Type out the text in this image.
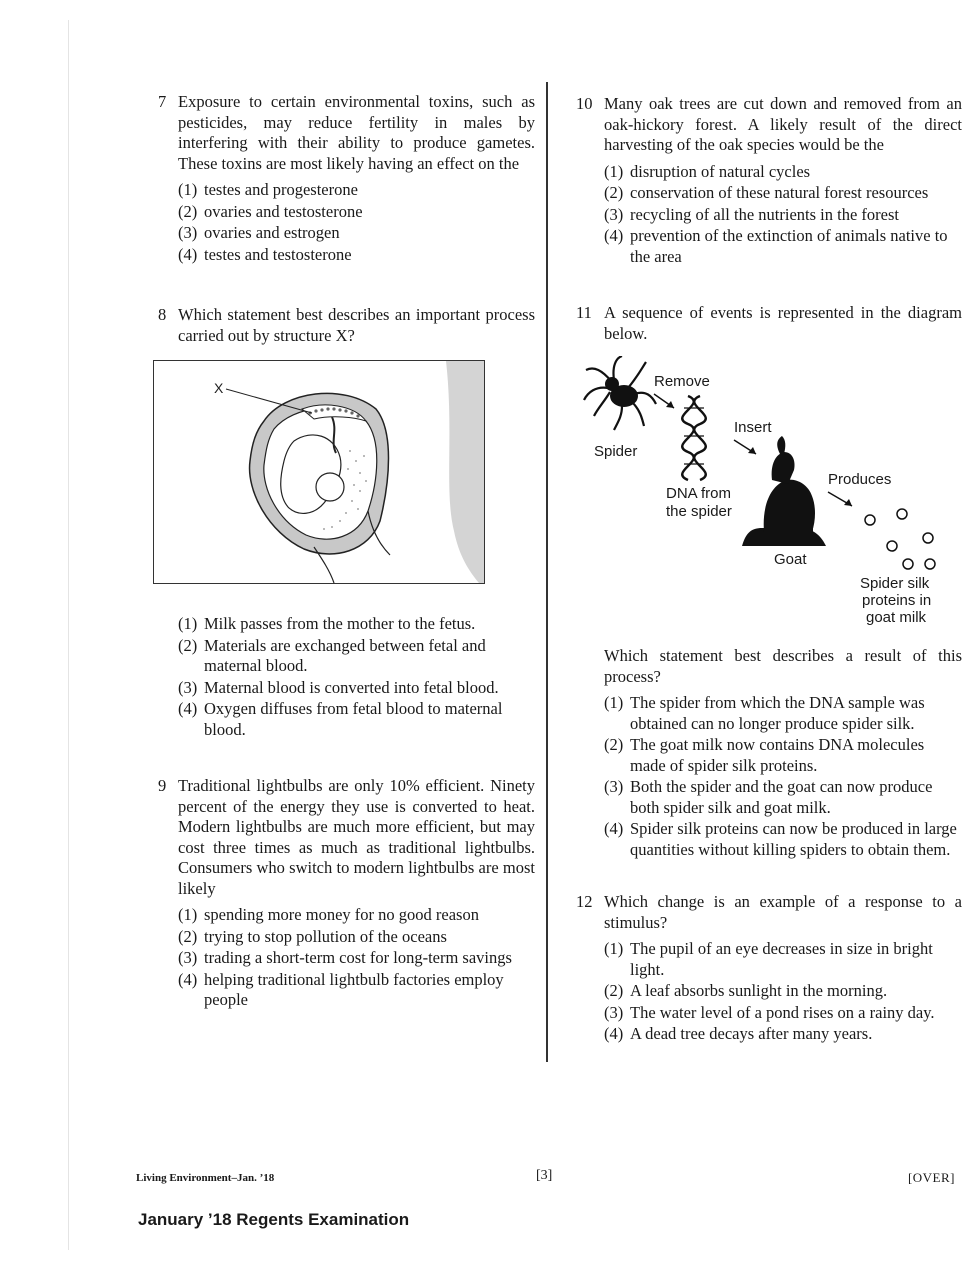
7 Exposure to certain environmental toxins, such as pesticides, may reduce fertility in males by interfering with their ability to produce gametes. These toxins are most likely having an effect on the
(1) testes and progesterone
(2) ovaries and testosterone
(3) ovaries and estrogen
(4) testes and testosterone
8 Which statement best describes an important process carried out by structure X?
X
(1) Milk passes from the mother to the fetus.
(2) Materials are exchanged between fetal and maternal blood.
(3) Maternal blood is converted into fetal blood.
(4) Oxygen diffuses from fetal blood to maternal blood.
9 Traditional lightbulbs are only 10% efficient. Ninety percent of the energy they use is converted to heat. Modern lightbulbs are much more efficient, but may cost three times as much as traditional lightbulbs. Consumers who switch to modern lightbulbs are most likely
(1) spending more money for no good reason
(2) trying to stop pollution of the oceans
(3) trading a short-term cost for long-term savings
(4) helping traditional lightbulb factories employ people
10 Many oak trees are cut down and removed from an oak-hickory forest. A likely result of the direct harvesting of the oak species would be the
(1) disruption of natural cycles
(2) conservation of these natural forest resources
(3) recycling of all the nutrients in the forest
(4) prevention of the extinction of animals native to the area
11 A sequence of events is represented in the diagram below.
Spider
Remove
DNA from
the spider
Insert
Goat
Produces
Spider silk
proteins in
goat milk
Which statement best describes a result of this process?
(1) The spider from which the DNA sample was obtained can no longer produce spider silk.
(2) The goat milk now contains DNA molecules made of spider silk proteins.
(3) Both the spider and the goat can now produce both spider silk and goat milk.
(4) Spider silk proteins can now be produced in large quantities without killing spiders to obtain them.
12 Which change is an example of a response to a stimulus?
(1) The pupil of an eye decreases in size in bright light.
(2) A leaf absorbs sunlight in the morning.
(3) The water level of a pond rises on a rainy day.
(4) A dead tree decays after many years.
Living Environment–Jan. ’18	[3]	[OVER]
January ’18 Regents Examination
